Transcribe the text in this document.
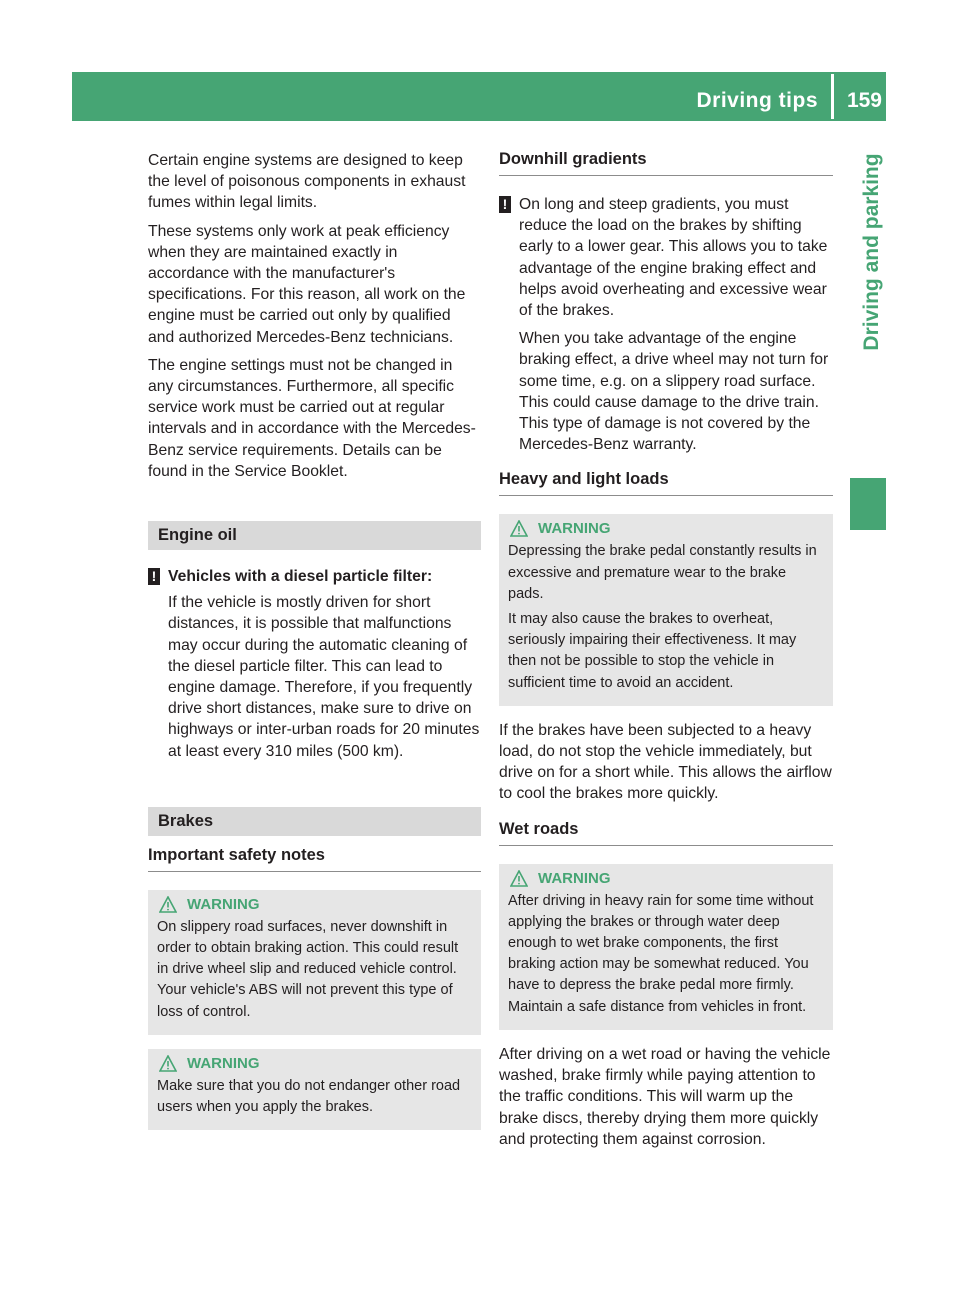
Driving tips 159
Driving and parking

Certain engine systems are designed to keep the level of poisonous components in exhaust fumes within legal limits.

These systems only work at peak efficiency when they are maintained exactly in accordance with the manufacturer's specifications. For this reason, all work on the engine must be carried out only by qualified and authorized Mercedes-Benz technicians.

The engine settings must not be changed in any circumstances. Furthermore, all specific service work must be carried out at regular intervals and in accordance with the Mercedes-Benz service requirements. Details can be found in the Service Booklet.

Engine oil
! Vehicles with a diesel particle filter:

If the vehicle is mostly driven for short distances, it is possible that malfunctions may occur during the automatic cleaning of the diesel particle filter. This can lead to engine damage. Therefore, if you frequently drive short distances, make sure to drive on highways or inter-urban roads for 20 minutes at least every 310 miles (500 km).

Brakes
Important safety notes
WARNING

On slippery road surfaces, never downshift in order to obtain braking action. This could result in drive wheel slip and reduced vehicle control. Your vehicle's ABS will not prevent this type of loss of control.

WARNING

Make sure that you do not endanger other road users when you apply the brakes.

Downhill gradients
! On long and steep gradients, you must reduce the load on the brakes by shifting early to a lower gear. This allows you to take advantage of the engine braking effect and helps avoid overheating and excessive wear of the brakes.

When you take advantage of the engine braking effect, a drive wheel may not turn for some time, e.g. on a slippery road surface. This could cause damage to the drive train. This type of damage is not covered by the Mercedes-Benz warranty.

Heavy and light loads
WARNING

Depressing the brake pedal constantly results in excessive and premature wear to the brake pads.

It may also cause the brakes to overheat, seriously impairing their effectiveness. It may then not be possible to stop the vehicle in sufficient time to avoid an accident.

If the brakes have been subjected to a heavy load, do not stop the vehicle immediately, but drive on for a short while. This allows the airflow to cool the brakes more quickly.

Wet roads
WARNING

After driving in heavy rain for some time without applying the brakes or through water deep enough to wet brake components, the first braking action may be somewhat reduced. You have to depress the brake pedal more firmly. Maintain a safe distance from vehicles in front.

After driving on a wet road or having the vehicle washed, brake firmly while paying attention to the traffic conditions. This will warm up the brake discs, thereby drying them more quickly and protecting them against corrosion.
